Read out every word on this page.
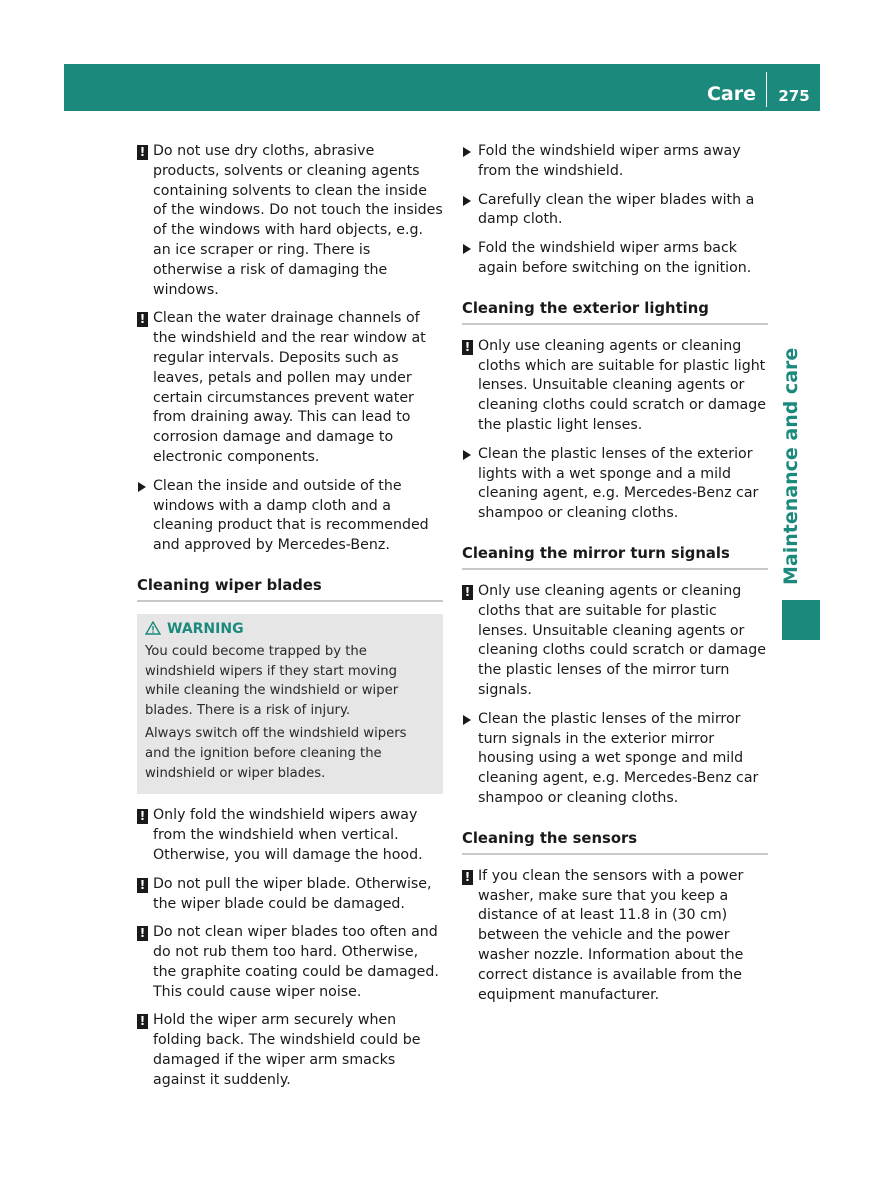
Care	275
Maintenance and care
! Do not use dry cloths, abrasive products, solvents or cleaning agents containing solvents to clean the inside of the windows. Do not touch the insides of the windows with hard objects, e.g. an ice scraper or ring. There is otherwise a risk of damaging the windows.
! Clean the water drainage channels of the windshield and the rear window at regular intervals. Deposits such as leaves, petals and pollen may under certain circumstances prevent water from draining away. This can lead to corrosion damage and damage to electronic components.
Clean the inside and outside of the windows with a damp cloth and a cleaning product that is recommended and approved by Mercedes-Benz.
Cleaning wiper blades
WARNING

You could become trapped by the windshield wipers if they start moving while cleaning the windshield or wiper blades. There is a risk of injury.

Always switch off the windshield wipers and the ignition before cleaning the windshield or wiper blades.

! Only fold the windshield wipers away from the windshield when vertical. Otherwise, you will damage the hood.
! Do not pull the wiper blade. Otherwise, the wiper blade could be damaged.
! Do not clean wiper blades too often and do not rub them too hard. Otherwise, the graphite coating could be damaged. This could cause wiper noise.
! Hold the wiper arm securely when folding back. The windshield could be damaged if the wiper arm smacks against it suddenly.
Fold the windshield wiper arms away from the windshield.
Carefully clean the wiper blades with a damp cloth.
Fold the windshield wiper arms back again before switching on the ignition.
Cleaning the exterior lighting
! Only use cleaning agents or cleaning cloths which are suitable for plastic light lenses. Unsuitable cleaning agents or cleaning cloths could scratch or damage the plastic light lenses.
Clean the plastic lenses of the exterior lights with a wet sponge and a mild cleaning agent, e.g. Mercedes-Benz car shampoo or cleaning cloths.
Cleaning the mirror turn signals
! Only use cleaning agents or cleaning cloths that are suitable for plastic lenses. Unsuitable cleaning agents or cleaning cloths could scratch or damage the plastic lenses of the mirror turn signals.
Clean the plastic lenses of the mirror turn signals in the exterior mirror housing using a wet sponge and mild cleaning agent, e.g. Mercedes-Benz car shampoo or cleaning cloths.
Cleaning the sensors
! If you clean the sensors with a power washer, make sure that you keep a distance of at least 11.8 in (30 cm) between the vehicle and the power washer nozzle. Information about the correct distance is available from the equipment manufacturer.
